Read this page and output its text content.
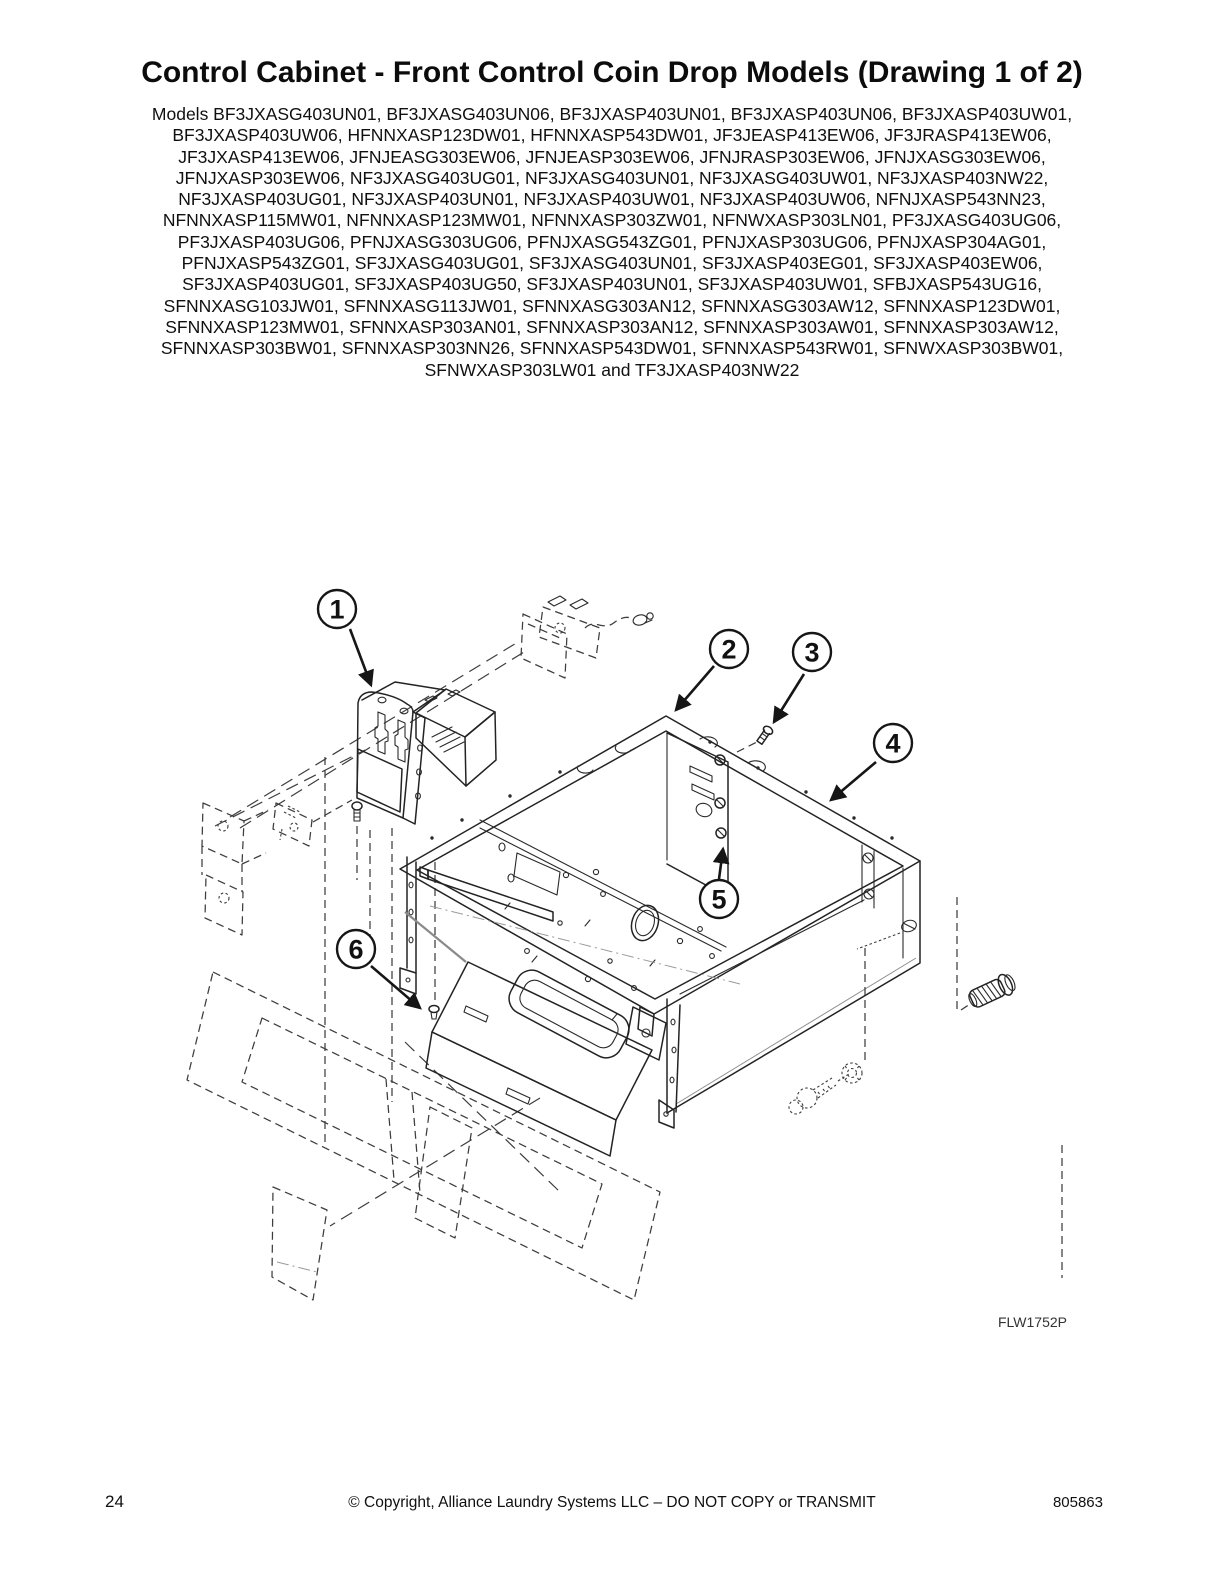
Control Cabinet - Front Control Coin Drop Models (Drawing 1 of 2)
Models BF3JXASG403UN01, BF3JXASG403UN06, BF3JXASP403UN01, BF3JXASP403UN06, BF3JXASP403UW01,
BF3JXASP403UW06, HFNNXASP123DW01, HFNNXASP543DW01, JF3JEASP413EW06, JF3JRASP413EW06,
JF3JXASP413EW06, JFNJEASG303EW06, JFNJEASP303EW06, JFNJRASP303EW06, JFNJXASG303EW06,
JFNJXASP303EW06, NF3JXASG403UG01, NF3JXASG403UN01, NF3JXASG403UW01, NF3JXASP403NW22,
NF3JXASP403UG01, NF3JXASP403UN01, NF3JXASP403UW01, NF3JXASP403UW06, NFNJXASP543NN23,
NFNNXASP115MW01, NFNNXASP123MW01, NFNNXASP303ZW01, NFNWXASP303LN01, PF3JXASG403UG06,
PF3JXASP403UG06, PFNJXASG303UG06, PFNJXASG543ZG01, PFNJXASP303UG06, PFNJXASP304AG01,
PFNJXASP543ZG01, SF3JXASG403UG01, SF3JXASG403UN01, SF3JXASP403EG01, SF3JXASP403EW06,
SF3JXASP403UG01, SF3JXASP403UG50, SF3JXASP403UN01, SF3JXASP403UW01, SFBJXASP543UG16,
SFNNXASG103JW01, SFNNXASG113JW01, SFNNXASG303AN12, SFNNXASG303AW12, SFNNXASP123DW01,
SFNNXASP123MW01, SFNNXASP303AN01, SFNNXASP303AN12, SFNNXASP303AW01, SFNNXASP303AW12,
SFNNXASP303BW01, SFNNXASP303NN26, SFNNXASP543DW01, SFNNXASP543RW01, SFNWXASP303BW01,
SFNWXASP303LW01 and TF3JXASP403NW22
1
2	3
4
5
6
FLW1752P
24	© Copyright, Alliance Laundry Systems LLC – DO NOT COPY or TRANSMIT	805863
